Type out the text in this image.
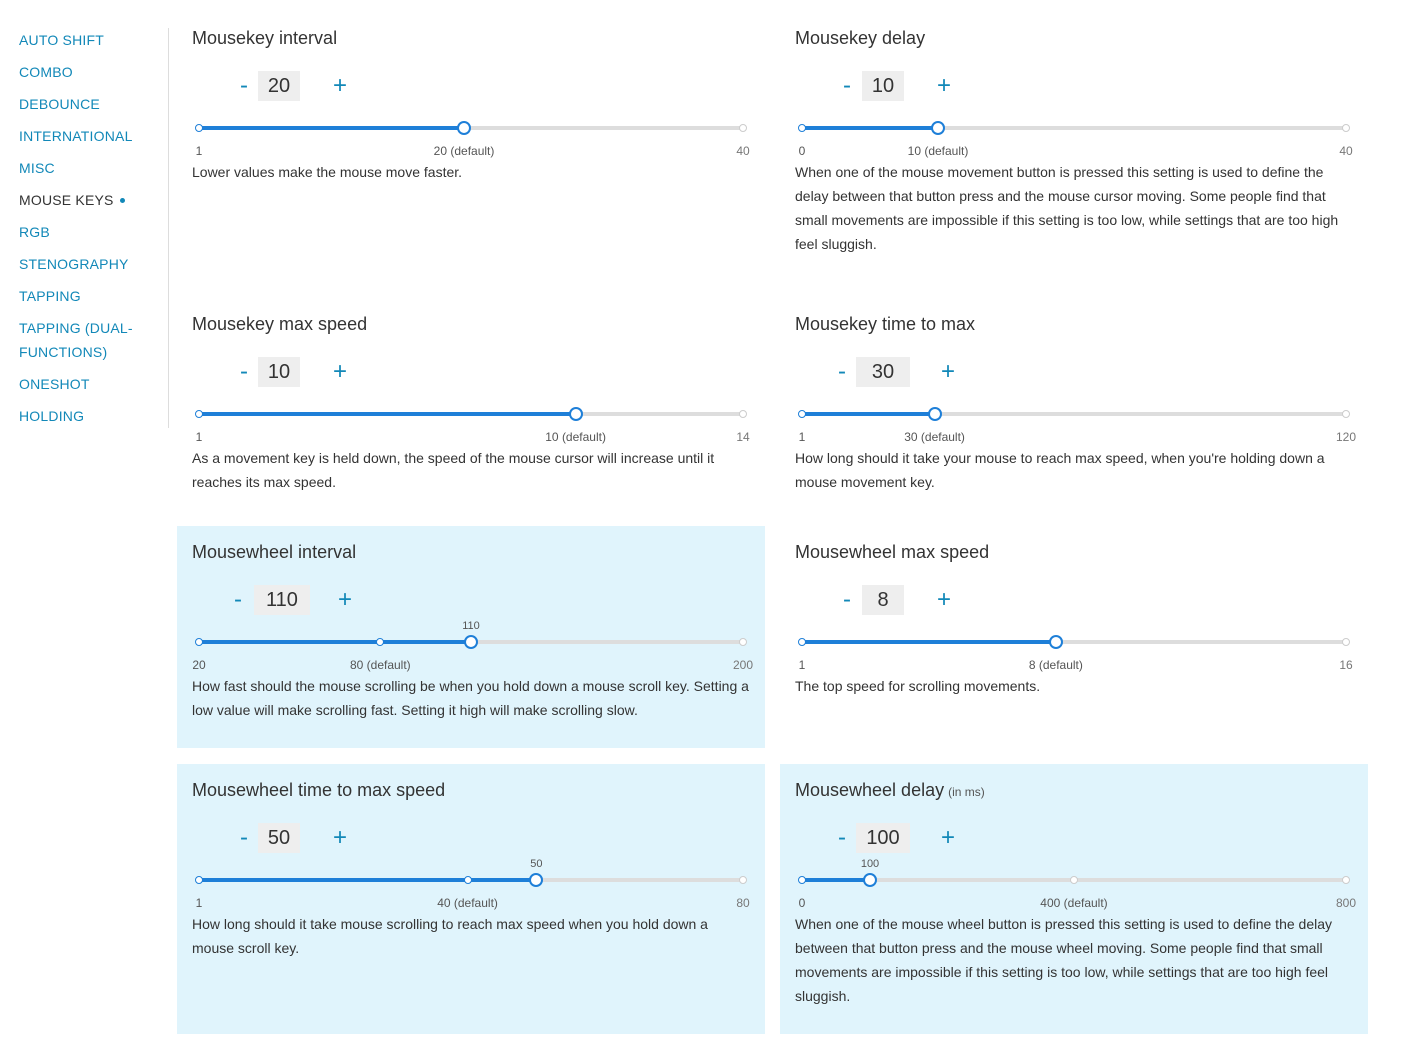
AUTO SHIFT
COMBO
DEBOUNCE
INTERNATIONAL
MISC
MOUSE KEYS
RGB
STENOGRAPHY
TAPPING
TAPPING (DUAL-FUNCTIONS)
ONESHOT
HOLDING
Mousekey interval
- 20	+
1	20 (default)	40
Lower values make the mouse move faster.
Mousekey delay
-	10	+
0	10 (default)	40
When one of the mouse movement button is pressed this setting is used to define the delay between that button press and the mouse cursor moving. Some people find that small movements are impossible if this setting is too low, while settings that are too high feel sluggish.
Mousekey max speed
- 10	+
1	10 (default)	14
As a movement key is held down, the speed of the mouse cursor will increase until it reaches its max speed.
Mousekey time to max
-	30	+
1	30 (default)	120
How long should it take your mouse to reach max speed, when you're holding down a mouse movement key.
Mousewheel interval
-	110	+
110
20	80 (default)	200
How fast should the mouse scrolling be when you hold down a mouse scroll key. Setting a low value will make scrolling fast. Setting it high will make scrolling slow.
Mousewheel max speed
-	8	+
1	8 (default)	16
The top speed for scrolling movements.
Mousewheel time to max speed
- 50	+
50
1	40 (default)	80
How long should it take mouse scrolling to reach max speed when you hold down a mouse scroll key.
Mousewheel delay (in ms)
-	100	+
100
0	400 (default)	800
When one of the mouse wheel button is pressed this setting is used to define the delay between that button press and the mouse wheel moving. Some people find that small movements are impossible if this setting is too low, while settings that are too high feel sluggish.
